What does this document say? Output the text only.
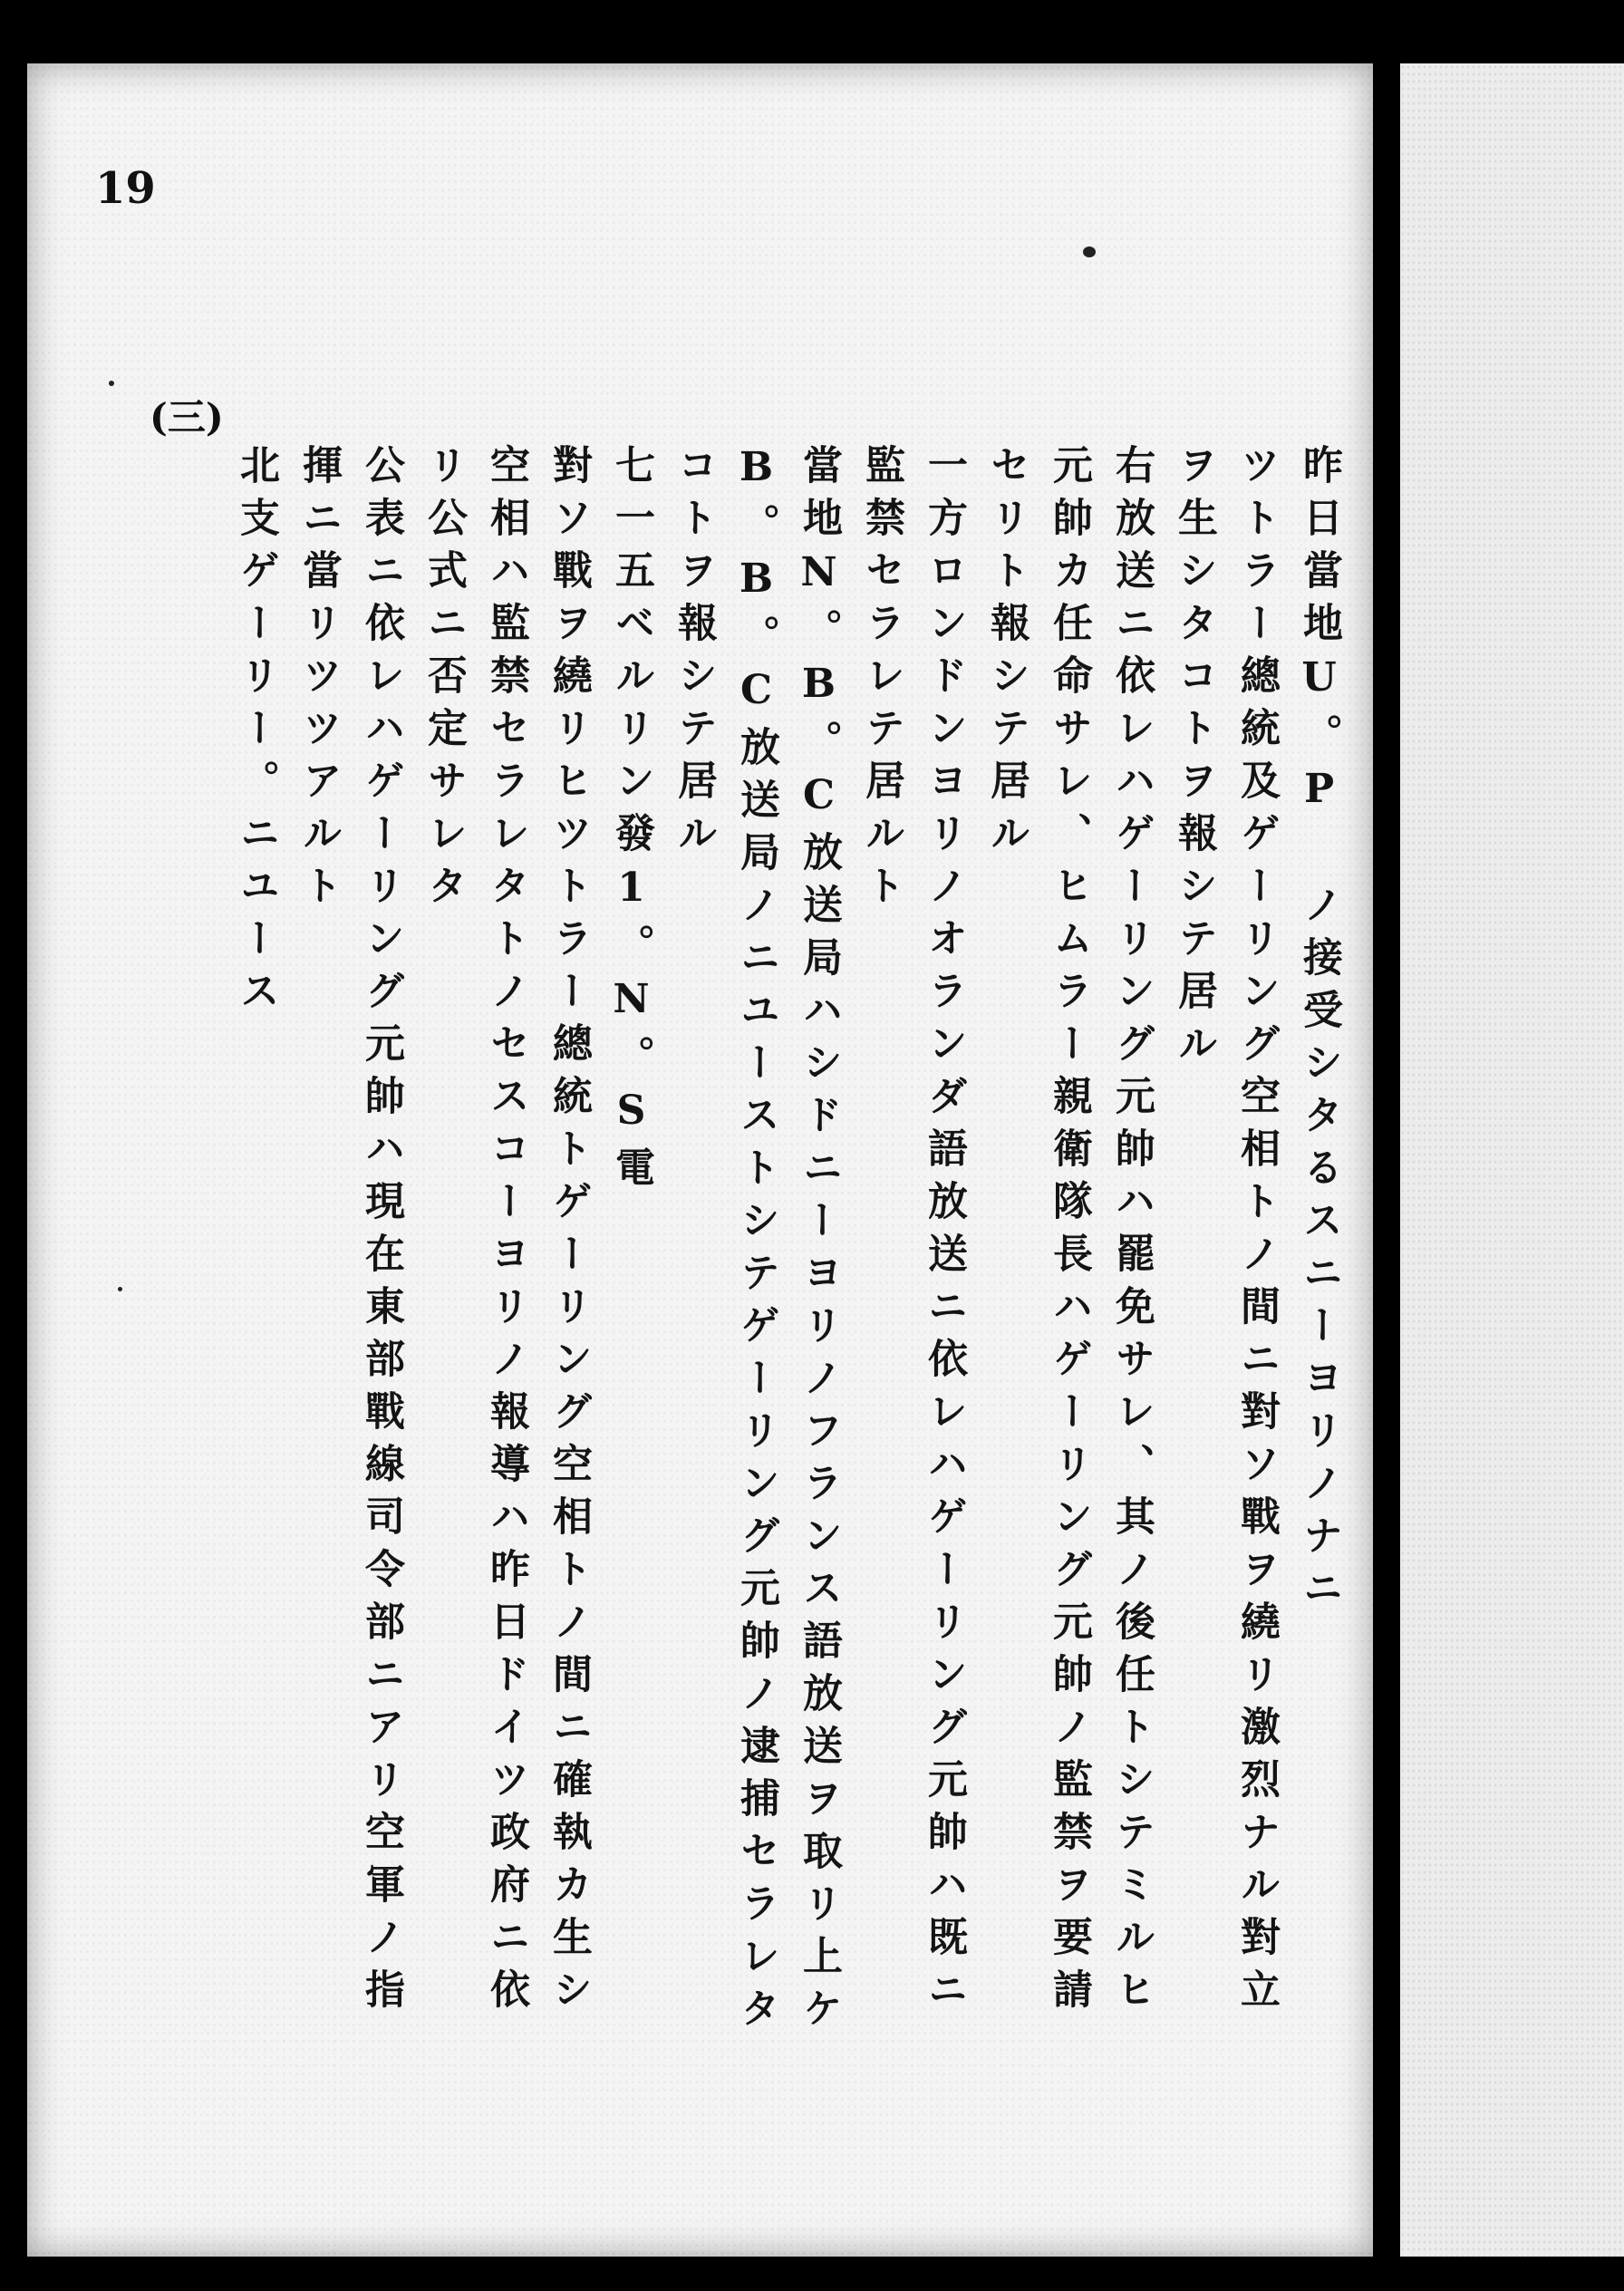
19
(三)
昨日當地U。P ノ接受シタるスニーヨリノナニ
ツトラー總統及ゲーリング空相トノ間ニ對ソ戰ヲ繞リ激烈ナル對立
ヲ生シタコトヲ報シテ居ル
右放送ニ依レハゲーリング元帥ハ罷免サレ、其ノ後任トシテミルヒ
元帥カ任命サレ、ヒムラー親衛隊長ハゲーリング元帥ノ監禁ヲ要請
セリト報シテ居ル
一方ロンドンヨリノオランダ語放送ニ依レハゲーリング元帥ハ既ニ
監禁セラレテ居ルト
當地N。B。C放送局ハシドニーヨリノフランス語放送ヲ取リ上ケ
B。B。C放送局ノニユーストシテゲーリング元帥ノ逮捕セラレタ
コトヲ報シテ居ル
七一五ベルリン發1。N。S電
對ソ戰ヲ繞リヒツトラー總統トゲーリング空相トノ間ニ確執カ生シ
空相ハ監禁セラレタトノセスコーヨリノ報導ハ昨日ドイツ政府ニ依
リ公式ニ否定サレタ
公表ニ依レハゲーリング元帥ハ現在東部戰線司令部ニアリ空軍ノ指
揮ニ當リツツアルト
北支ゲーリー。ニユース
